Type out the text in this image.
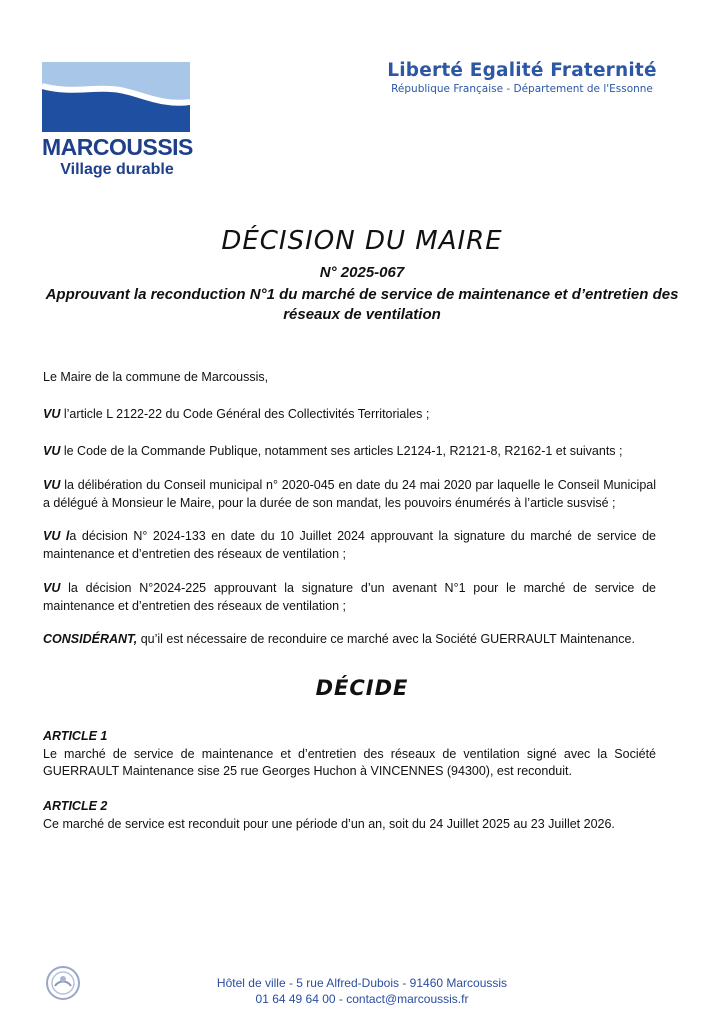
MARCOUSSIS
Village durable
Liberté Egalité Fraternité
République Française - Département de l'Essonne
DÉCISION DU MAIRE
N° 2025-067
Approuvant la reconduction N°1 du marché de service de maintenance et d’entretien des réseaux de ventilation

Le Maire de la commune de Marcoussis,

VU l’article L 2122-22 du Code Général des Collectivités Territoriales ;

VU le Code de la Commande Publique, notamment ses articles L2124-1, R2121-8, R2162-1 et suivants ;

VU la délibération du Conseil municipal n° 2020-045 en date du 24 mai 2020 par laquelle le Conseil Municipal a délégué à Monsieur le Maire, pour la durée de son mandat, les pouvoirs énumérés à l’article susvisé ;

VU la décision N° 2024-133 en date du 10 Juillet 2024 approuvant la signature du marché de service de maintenance et d’entretien des réseaux de ventilation ;

VU la décision N°2024-225 approuvant la signature d’un avenant N°1 pour le marché de service de maintenance et d’entretien des réseaux de ventilation ;

CONSIDÉRANT, qu’il est nécessaire de reconduire ce marché avec la Société GUERRAULT Maintenance.

ARTICLE 1
Le marché de service de maintenance et d’entretien des réseaux de ventilation signé avec la Société GUERRAULT Maintenance sise 25 rue Georges Huchon à VINCENNES (94300), est reconduit.
ARTICLE 2
Ce marché de service est reconduit pour une période d’un an, soit du 24 Juillet 2025 au 23 Juillet 2026.
DÉCIDE
Hôtel de ville - 5 rue Alfred-Dubois - 91460 Marcoussis
01 64 49 64 00 - contact@marcoussis.fr
